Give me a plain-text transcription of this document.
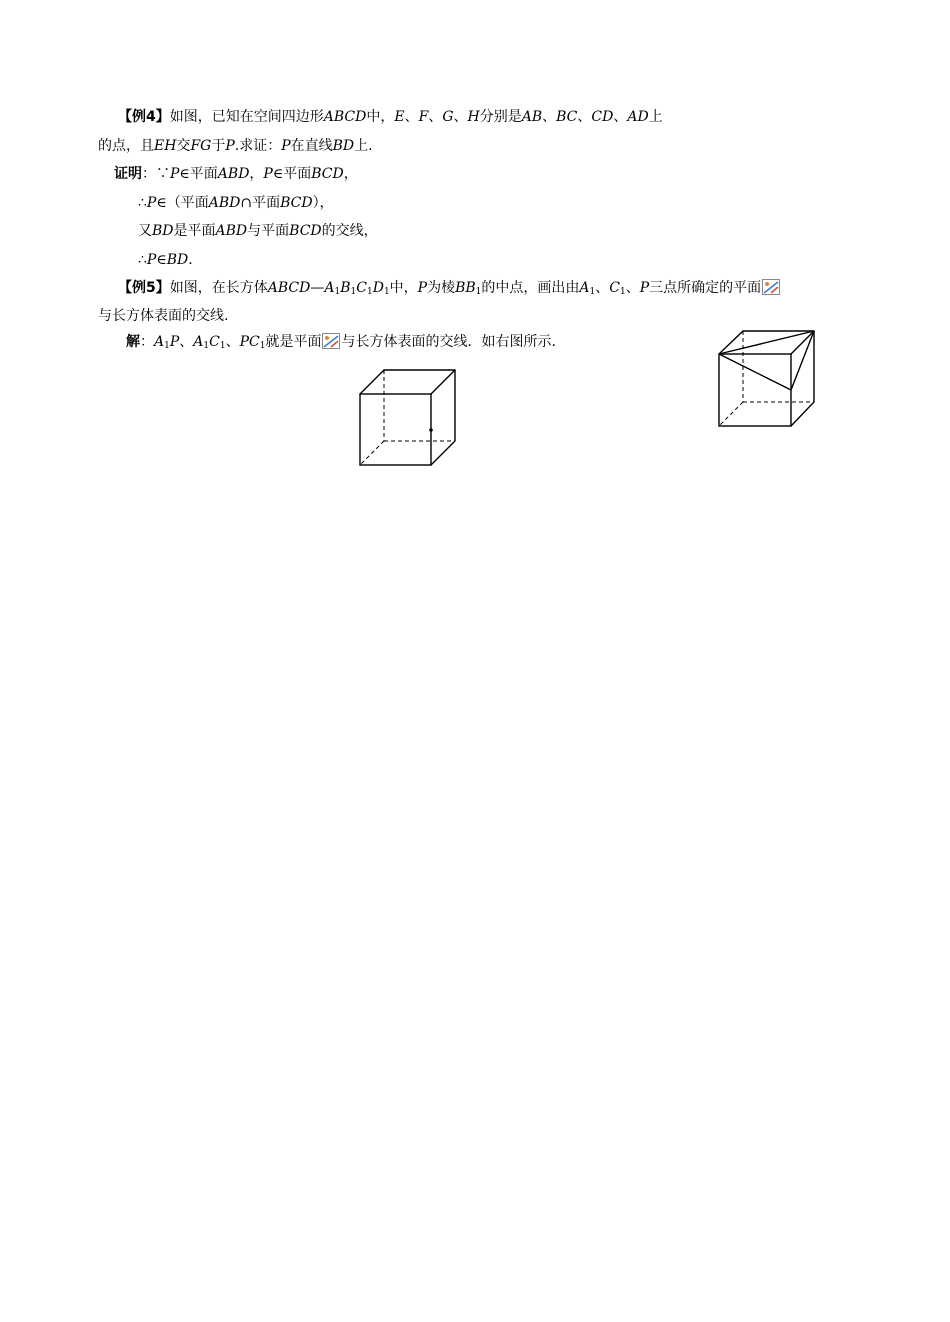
【例4】如图，已知在空间四边形ABCD中，E、F、G、H分别是AB、BC、CD、AD上
的点，且EH交FG于P.求证：P在直线BD上.
证明：∵P∈平面ABD，P∈平面BCD，
∴P∈（平面ABD∩平面BCD），
又BD是平面ABD与平面BCD的交线，
∴P∈BD.
【例5】如图，在长方体$ABCD—A_1B_1C_1D_1$中，P为棱$BB_1$的中点，画出由$A_1$、$C_1$、P三点所确定的平面
与长方体表面的交线.
解：$A_1P$、$A_1C_1$、$PC_1$就是平面 与长方体表面的交线．如右图所示.
